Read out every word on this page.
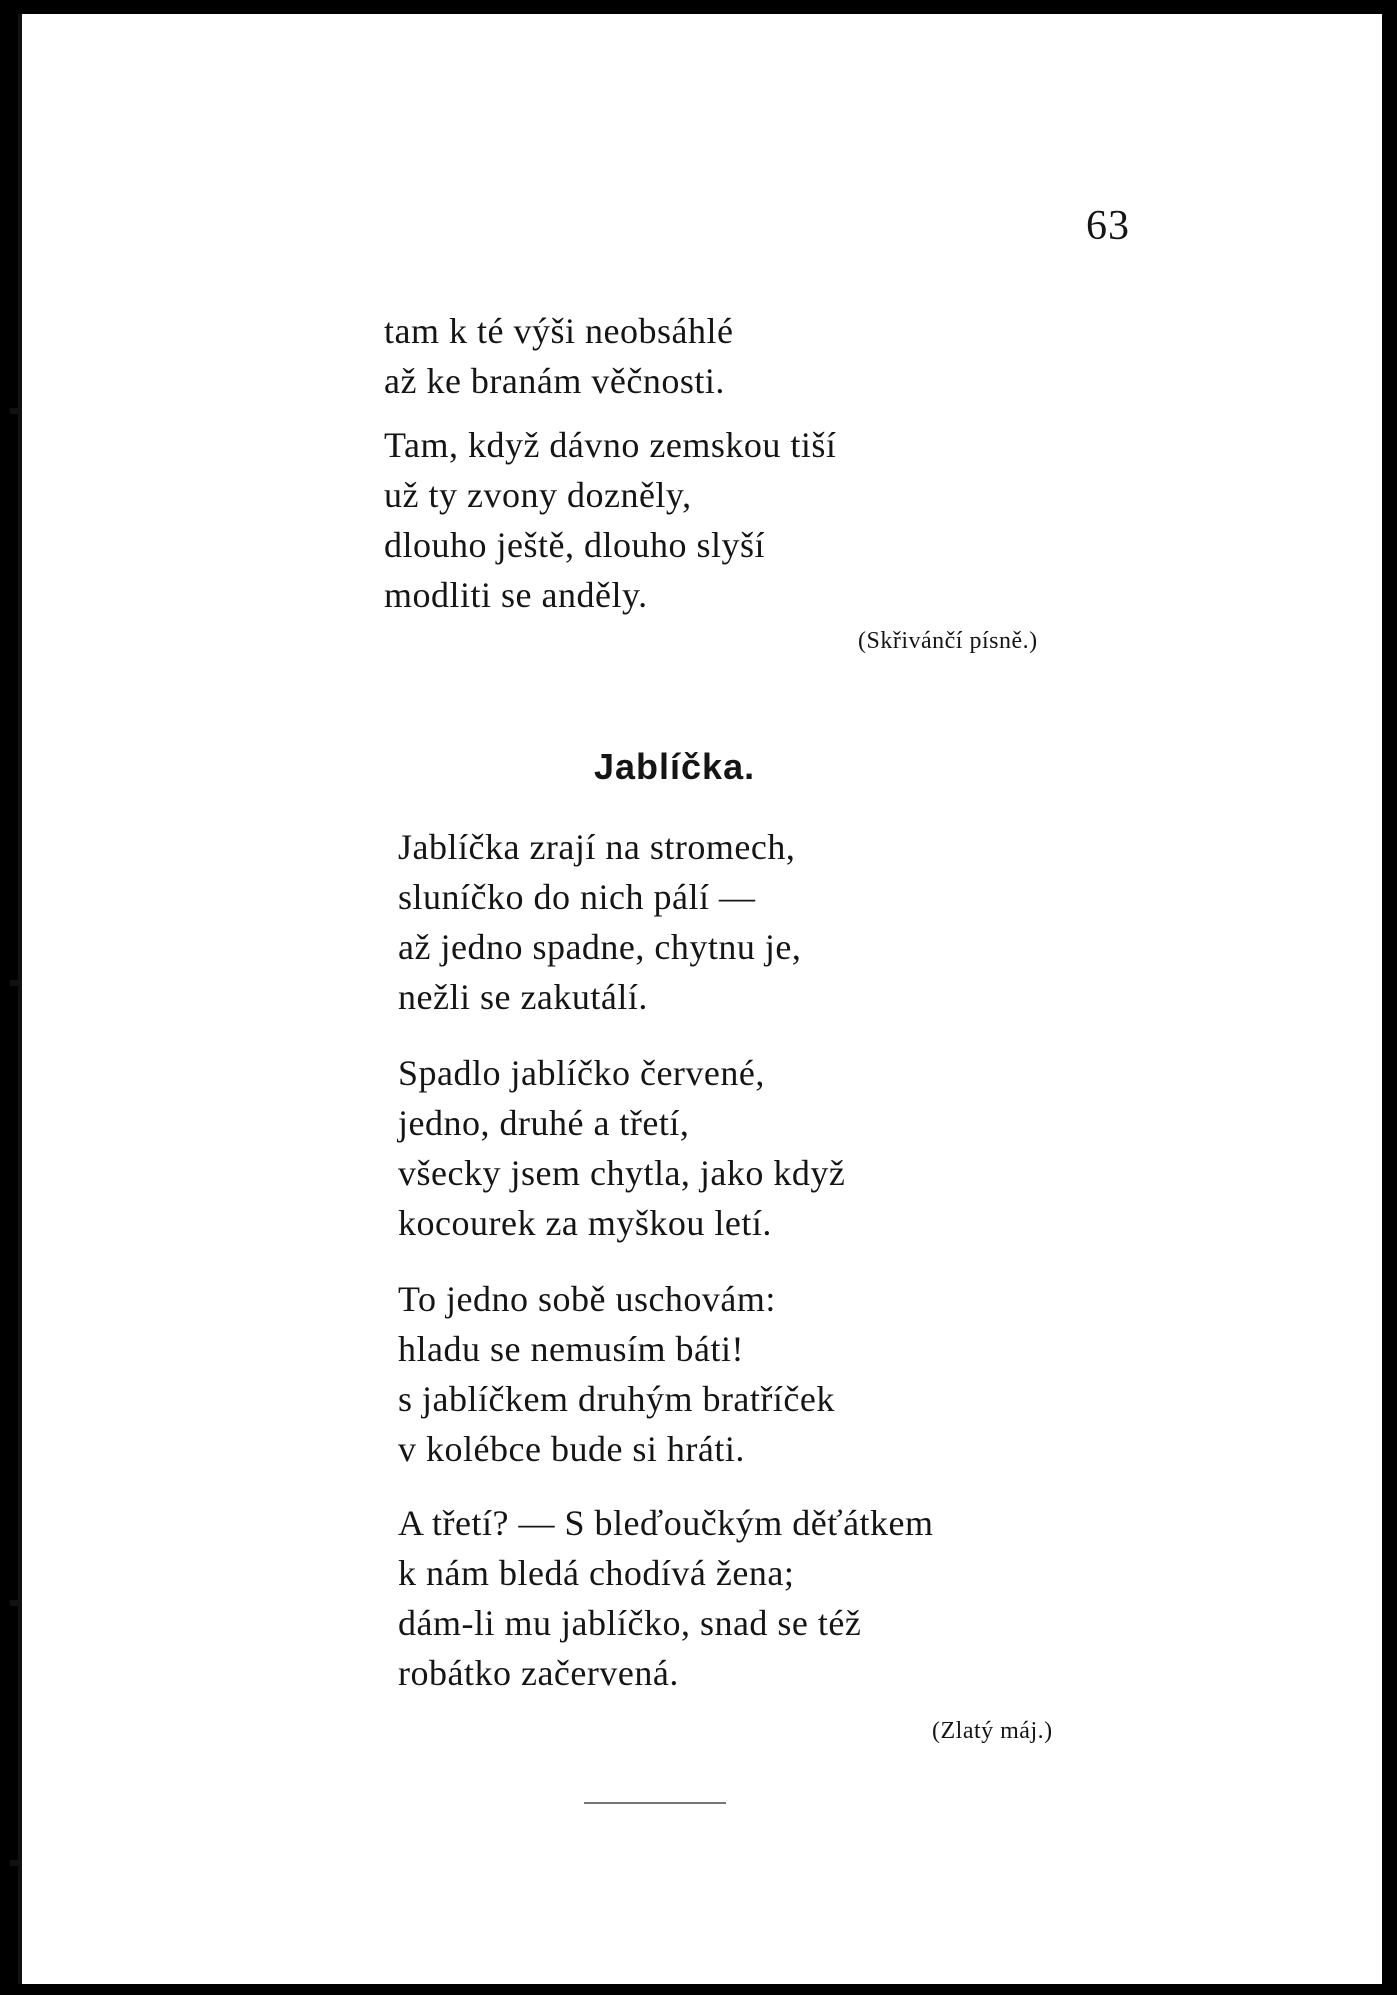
63
tam k té výši neobsáhlé
až ke branám věčnosti.
Tam, když dávno zemskou tiší
už ty zvony dozněly,
dlouho ještě, dlouho slyší
modliti se anděly.
(Skřivánčí písně.)
Jablíčka.
Jablíčka zrají na stromech,
sluníčko do nich pálí —
až jedno spadne, chytnu je,
nežli se zakutálí.
Spadlo jablíčko červené,
jedno, druhé a třetí,
všecky jsem chytla, jako když
kocourek za myškou letí.
To jedno sobě uschovám:
hladu se nemusím báti!
s jablíčkem druhým bratříček
v kolébce bude si hráti.
A třetí? — S bleďoučkým děťátkem
k nám bledá chodívá žena;
dám-li mu jablíčko, snad se též
robátko začervená.
(Zlatý máj.)
